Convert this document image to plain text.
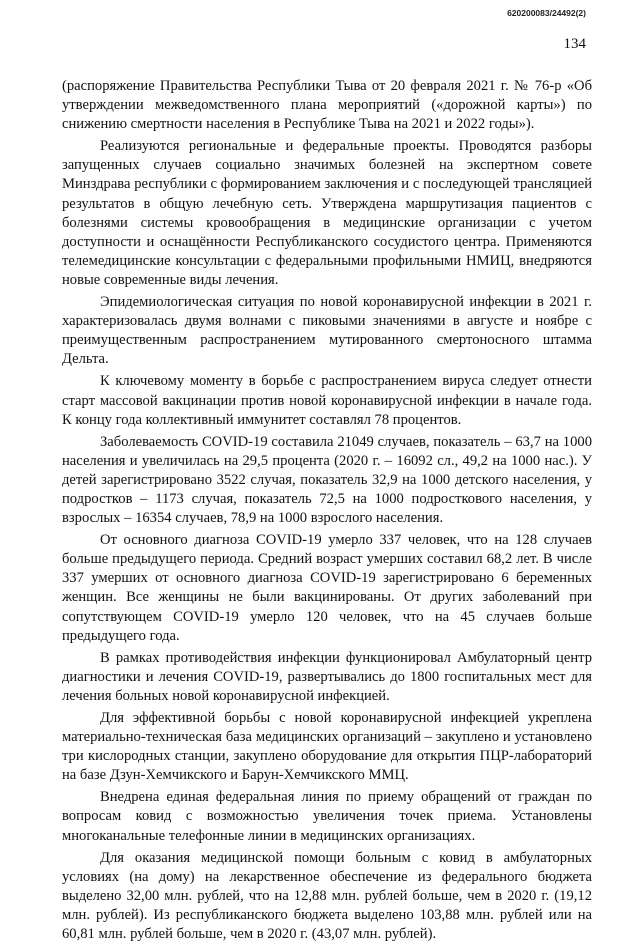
620200083/24492(2)
134

(распоряжение Правительства Республики Тыва от 20 февраля 2021 г. № 76-р «Об утверждении межведомственного плана мероприятий («дорожной карты») по снижению смертности населения в Республике Тыва на 2021 и 2022 годы»).

Реализуются региональные и федеральные проекты. Проводятся разборы запущенных случаев социально значимых болезней на экспертном совете Минздрава республики с формированием заключения и с последующей трансляцией результатов в общую лечебную сеть. Утверждена маршрутизация пациентов с болезнями системы кровообращения в медицинские организации с учетом доступности и оснащённости Республиканского сосудистого центра. Применяются телемедицинские консультации с федеральными профильными НМИЦ, внедряются новые современные виды лечения.

Эпидемиологическая ситуация по новой коронавирусной инфекции в 2021 г. характеризовалась двумя волнами с пиковыми значениями в августе и ноябре с преимущественным распространением мутированного смертоносного штамма Дельта.

К ключевому моменту в борьбе с распространением вируса следует отнести старт массовой вакцинации против новой коронавирусной инфекции в начале года. К концу года коллективный иммунитет составлял 78 процентов.

Заболеваемость COVID-19 составила 21049 случаев, показатель – 63,7 на 1000 населения и увеличилась на 29,5 процента (2020 г. – 16092 сл., 49,2 на 1000 нас.). У детей зарегистрировано 3522 случая, показатель 32,9 на 1000 детского населения, у подростков – 1173 случая, показатель 72,5 на 1000 подросткового населения, у взрослых – 16354 случаев, 78,9 на 1000 взрослого населения.

От основного диагноза COVID-19 умерло 337 человек, что на 128 случаев больше предыдущего периода. Средний возраст умерших составил 68,2 лет. В числе 337 умерших от основного диагноза COVID-19 зарегистрировано 6 беременных женщин. Все женщины не были вакцинированы. От других заболеваний при сопутствующем COVID-19 умерло 120 человек, что на 45 случаев больше предыдущего года.

В рамках противодействия инфекции функционировал Амбулаторный центр диагностики и лечения COVID-19, развертывались до 1800 госпитальных мест для лечения больных новой коронавирусной инфекцией.

Для эффективной борьбы с новой коронавирусной инфекцией укреплена материально-техническая база медицинских организаций – закуплено и установлено три кислородных станции, закуплено оборудование для открытия ПЦР-лабораторий на базе Дзун-Хемчикского и Барун-Хемчикского ММЦ.

Внедрена единая федеральная линия по приему обращений от граждан по вопросам ковид с возможностью увеличения точек приема. Установлены многоканальные телефонные линии в медицинских организациях.

Для оказания медицинской помощи больным с ковид в амбулаторных условиях (на дому) на лекарственное обеспечение из федерального бюджета выделено 32,00 млн. рублей, что на 12,88 млн. рублей больше, чем в 2020 г. (19,12 млн. рублей). Из республиканского бюджета выделено 103,88 млн. рублей или на 60,81 млн. рублей больше, чем в 2020 г. (43,07 млн. рублей).
